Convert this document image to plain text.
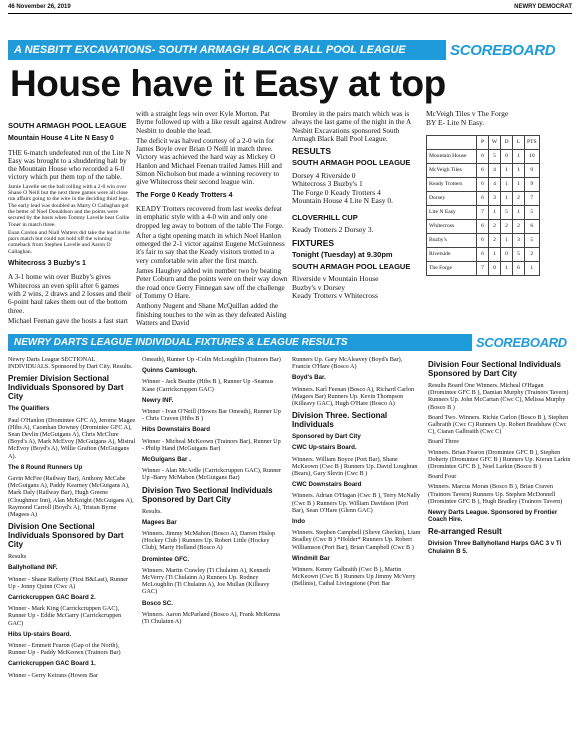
46 November 26, 2019	NEWRY DEMOCRAT
A NESBITT EXCAVATIONS- SOUTH ARMAGH BLACK BALL POOL LEAGUE	SCOREBOARD
House have it Easy at top
SOUTH ARMAGH POOL LEAGUE
Mountain House 4 Lite N Easy 0
THE 6-match undefeated run of the Lite N Easy was brought to a shuddering halt by the Mountain House who recorded a 6-0 victory which put them top of the table.
Jamie Lavelle set the ball rolling with a 2-0 win over Shane O Neill but the next three games were all close run affairs going to the wire in the deciding third legs. The early lead was doubled as Marty O Callaghan got the better of Noel Donaldson and the points were secured by the hosts when Tommy Lavelle beat Collie Toner in match three.
Euan Conlon and Niall Watters did take the lead in the pairs match but could not hold off the winning comeback from Stephen Lavelle and Aaron O Callaghan.
Whitecross 3 Buzby's 1
A 3-1 home win over Buzby's gives Whitecross an even split after 6 games with 2 wins, 2 draws and 2 losses and their 6-point haul takes them out of the bottom three.
Michael Feenan gave the hosts a fast start
with a straight legs win over Kyle Morton. Pat Byrne followed up with a like result against Andrew Nesbitt to double the lead.
The deficit was halved courtesy of a 2-0 win for James Boyle over Brian O Neill in match three. Victory was achieved the hard way as Mickey O Hanlon and Michael Feenan trailed James Hill and Simon Nicholson but made a winning recovery to give Whitecross their second league win.
The Forge 0 Keady Trotters 4
KEADY Trotters recovered from last weeks defeat in emphatic style with a 4-0 win and only one dropped leg away to bottom of the table The Forge.
After a tight opening match in which Noel Hanlon emerged the 2-1 victor against Eugene McGuinness it's fair to say that the Keady visitors trotted to a very comfortable win after the first match.
James Haughey added win number two by beating Peter Coburn and the points were on their way down the road once Gerry Finnegan saw off the challenge of Tommy O Hare.
Anthony Nugent and Shane McQuillan added the finishing touches to the win as they defeated Aisling Watters and David
Bromley in the pairs match which was is always the last game of the night in the A Nesbitt Excavations sponsored South Armagh Black Ball Pool League.
RESULTS
SOUTH ARMAGH POOL LEAGUE
Dorsey 4 Riverside 0
Whitecross 3 Buzby's 1
The Forge 0 Keady Trotters 4
Mountain House 4 Lite N Easy 0.
CLOVERHILL CUP
Keady Trotters 2 Dorsey 3.
FIXTURES
Tonight (Tuesday) at 9.30pm
SOUTH ARMAGH POOL LEAGUE
Riverside v Mountain House
Buzby's v Dorsey
Keady Trotters v Whitecross
McVeigh Tiles v The Forge
BY E- Lite N Easy.
	P	W	D	L	PTS
Mountain House	6	5	0	1	10
McVeigh Tiles	6	4	1	1	9
Keady Trotters	6	4	1	1	9
Dorsey	6	3	1	2	7
Lite N Easy	7	1	5	1	5
Whitecross	6	2	2	2	6
Buzby's	6	2	1	3	5
Riverside	6	1	0	5	2
The Forge	7	0	1	6	1
NEWRY DARTS LEAGUE INDIVIDUAL FIXTURES & LEAGUE RESULTS	SCOREBOARD
Newry Darts League SECTIONAL INDIVIDUALS. Sponsored by Dart City. Results.
Premier Division Sectional Individuals Sponsored by Dart City
The Qualifiers
Paul O'Hanlon (Dromintee GFC A), Jerome Magee (Hibs A), Caomhan Downey (Dromintee GFC A), Sean Devlin (McGuigans A), Chris McClure (Boyd's A), Mark McEvoy (McGuigans A), Mistral McEvoy (Boyd's A), Willie Grafton (McGuigans A).
The 8 Round Runners Up
Gavin McFee (Railway Bar), Anthony McCabe (McGuigans A), Paddy Kearney (McGuigans A), Mark Daly (Railway Bar), Hugh Greene (Cloughmor Inn), Alan McKnight (McGuigans A), Raymond Carroll (Boyd's A), Tristan Byrne (Magees A)
Division One Sectional Individuals Sponsored by Dart City
Results
Ballyholland INF.
Winner - Shane Rafferty (First B&Last), Runner Up - Jonny Quinn (Cwc A)
Carrickcruppen GAC Board 2.
Winner - Mark King (Carrickcruppen GAC), Runner Up - Eddie McGarry (Carrickcruppen GAC)
Hibs Up-stairs Board.
Winner - Emmett Fearon (Gap of the North), Runner Up - Paddy McKeown (Trainors Bar)
Carrickcruppen GAC Board 1.
Winner - Gerry Keirans (Howes Bar
Omeath), Runner Up -Colin McLoughlin (Trainors Bar)
Quinns Camlough.
Winner - Jack Beattie (Hibs B ), Runner Up -Seamus Kane (Carrickcruppen GAC)
Newry INF.
Winner - Ivan O'Neill (Howes Bar Omeath), Runner Up - Chris Craven (Hibs B )
Hibs Downstairs Board
Winner - Micheal McKeown (Trainors Bar), Runner Up - Philip Hand (McGuigans Bar)
McGuigans Bar .
Winner - Alan McArdle (Carrickcruppen GAC), Runner Up -Barry McMahon (McGuigans Bar)
Division Two Sectional Individuals Sponsored by Dart City
Results.
Magees Bar
Winners. Jimmy McMahon (Bosco A), Darren Hislop (Hockey Club ) Runners Up. Robert Little (Hockey Club), Marty Holland (Bosco A)
Dromintee GFC.
Winners. Martin Crawley (Ti Chulainn A), Kenneth McVerry (Ti Chulainn A) Runners Up. Rodney McLoughlin (Ti Chulainn A), Joe Mullan (Killeavy GAC)
Bosco SC.
Winners. Aaron McParland (Bosco A), Frank McKenna (Ti Chulainn A)
Runners Up. Gary McAleavey (Boyd's Bar), Francie O'Hare (Bosco A)
Boyd's Bar.
Winners. Karl Feenan (Bosco A), Richard Carlon (Magees Bar) Runners Up. Kevin Thompson (Killeavy GAC), Hugh O'Hare (Bosco A)
Division Three. Sectional Individuals
Sponsored by Dart City
CWC Up-stairs Board.
Winners. William Boyce (Port Bar), Shane McKeown (Cwc B ) Runners Up. David Loughran (Bears), Gary Slevin (Cwc B )
CWC Downstairs Board
Winners. Adrian O'Hagan (Cwc B ), Terry McNally (Cwc B ) Runners Up. William Davidson (Port Bar), Sean O'Hare (Glenn GAC)
Indo
Winners. Stephen Campbell (Slieve Gherkin), Liam Bradley (Cwc B ) *Holder* Runners Up. Robert Williamson (Port Bar), Brian Campbell (Cwc B )
Windmill Bar
Winners. Kenny Galbraith (Cwc B ), Martin McKeown (Cwc B ) Runners Up Jimmy McVerry (Bellinis), Cathal Livingstone (Port Bar
Division Four Sectional Individuals Sponsored by Dart City
Results Board One Winners. Micheal O'Hagan (Dromintee GFC B ), Damian Murphy (Trainors Tavern) Runners Up. John McCartan (Cwc C), Melissa Murphy (Bosco B )
Board Two. Winners. Richie Carlon (Bosco B ), Stephen Galbraith (Cwc C) Runners Up. Robert Bradshaw (Cwc C), Ciaran Galbraith (Cwc C)
Board Three
Winners. Brian Fearon (Dromintee GFC B ), Stephen Doherty (Dromintee GFC B ) Runners Up. Kieran Larkin (Dromintee GFC B ), Noel Larkin (Bosco B )
Board Four
Winners. Marcus Moran (Bosco B ), Brian Craven (Trainors Tavern) Runners Up. Stephen McDonnell (Dromintee GFC B ), Hugh Bradley (Trainors Tavern)
Newry Darts League. Sponsored by Frontier Coach Hire.
Re-arranged Result
Division Three Ballyholland Harps GAC 3 v Ti Chulainn B 5.
